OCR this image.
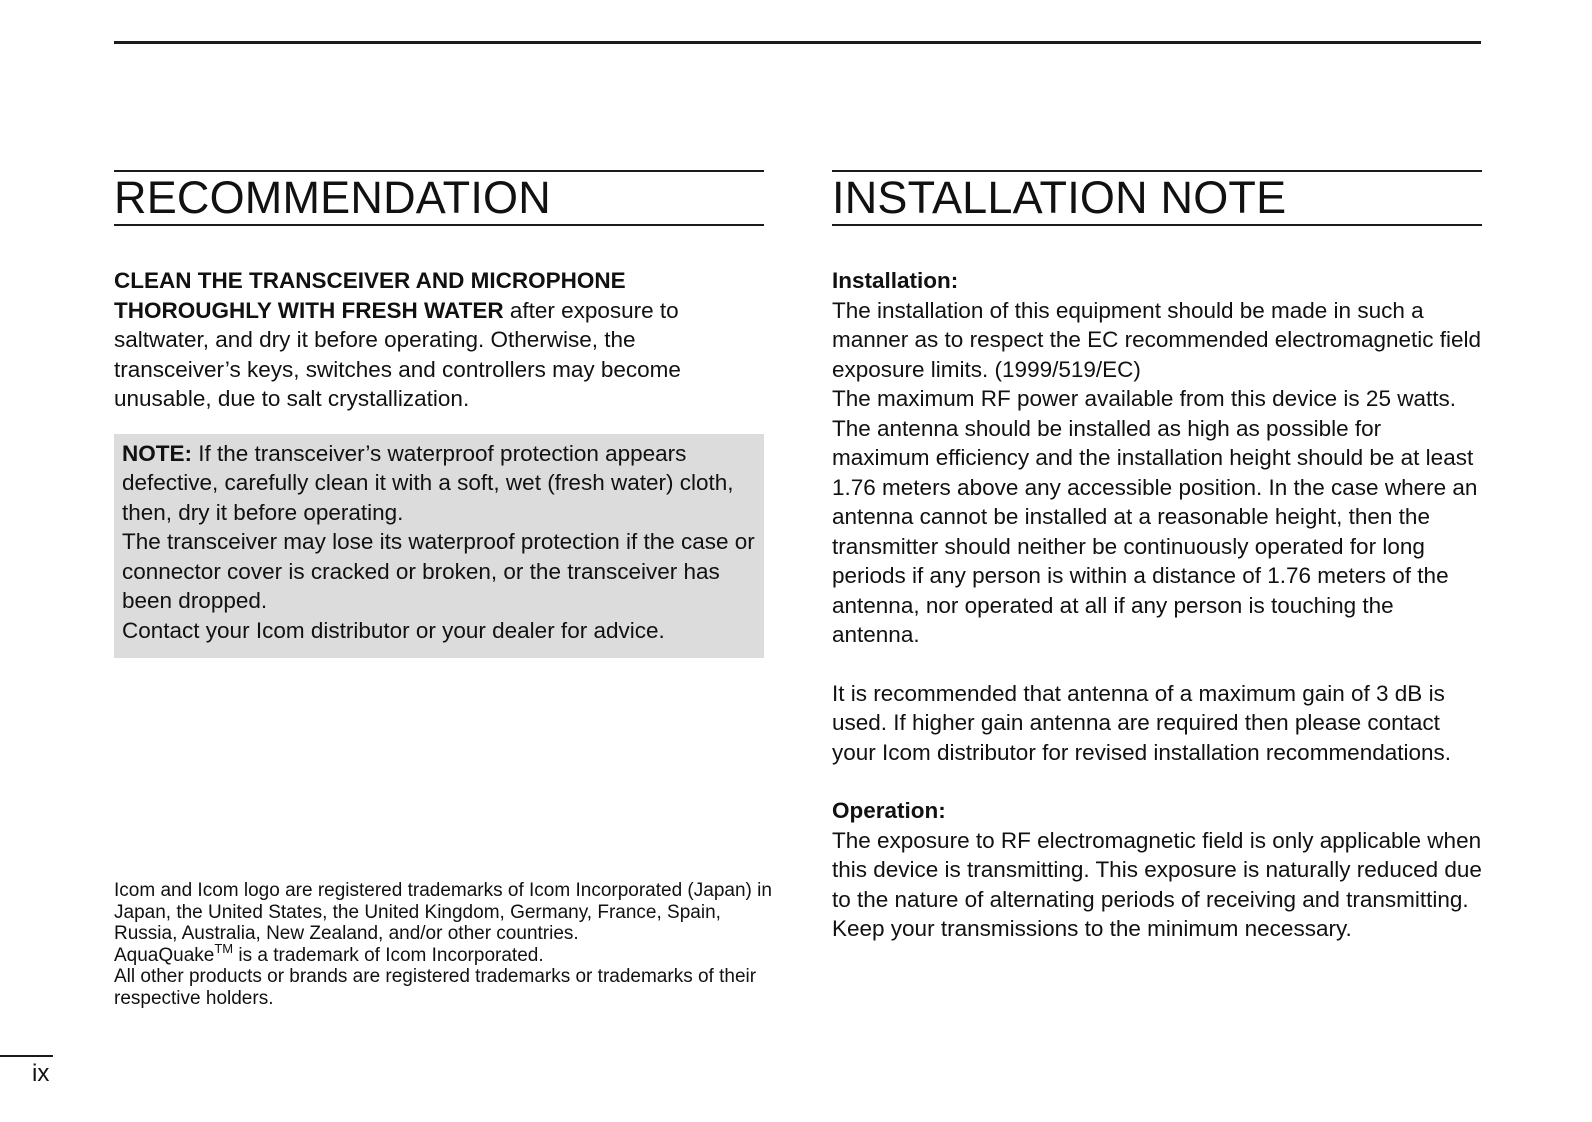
RECOMMENDATION

CLEAN THE TRANSCEIVER AND MICROPHONE THOROUGHLY WITH FRESH WATER after exposure to saltwater, and dry it before operating. Otherwise, the transceiver’s keys, switches and controllers may become unusable, due to salt crystallization.

NOTE: If the transceiver’s waterproof protection appears defective, carefully clean it with a soft, wet (fresh water) cloth, then, dry it before operating.

The transceiver may lose its waterproof protection if the case or connector cover is cracked or broken, or the transceiver has been dropped.

Contact your Icom distributor or your dealer for advice.

Icom and Icom logo are registered trademarks of Icom Incorporated (Japan) in Japan, the United States, the United Kingdom, Germany, France, Spain, Russia, Australia, New Zealand, and/or other countries.

AquaQuake™ is a trademark of Icom Incorporated.

All other products or brands are registered trademarks or trademarks of their respective holders.

INSTALLATION NOTE

Installation:

The installation of this equipment should be made in such a manner as to respect the EC recommended electromagnetic field exposure limits. (1999/519/EC)

The maximum RF power available from this device is 25 watts. The antenna should be installed as high as possible for maximum efficiency and the installation height should be at least 1.76 meters above any accessible position. In the case where an antenna cannot be installed at a reasonable height, then the transmitter should neither be continuously operated for long periods if any person is within a distance of 1.76 meters of the antenna, nor operated at all if any person is touching the antenna.

It is recommended that antenna of a maximum gain of 3 dB is used. If higher gain antenna are required then please contact your Icom distributor for revised installation recommendations.

Operation:

The exposure to RF electromagnetic field is only applicable when this device is transmitting. This exposure is naturally reduced due to the nature of alternating periods of receiving and transmitting. Keep your transmissions to the minimum necessary.

ix
